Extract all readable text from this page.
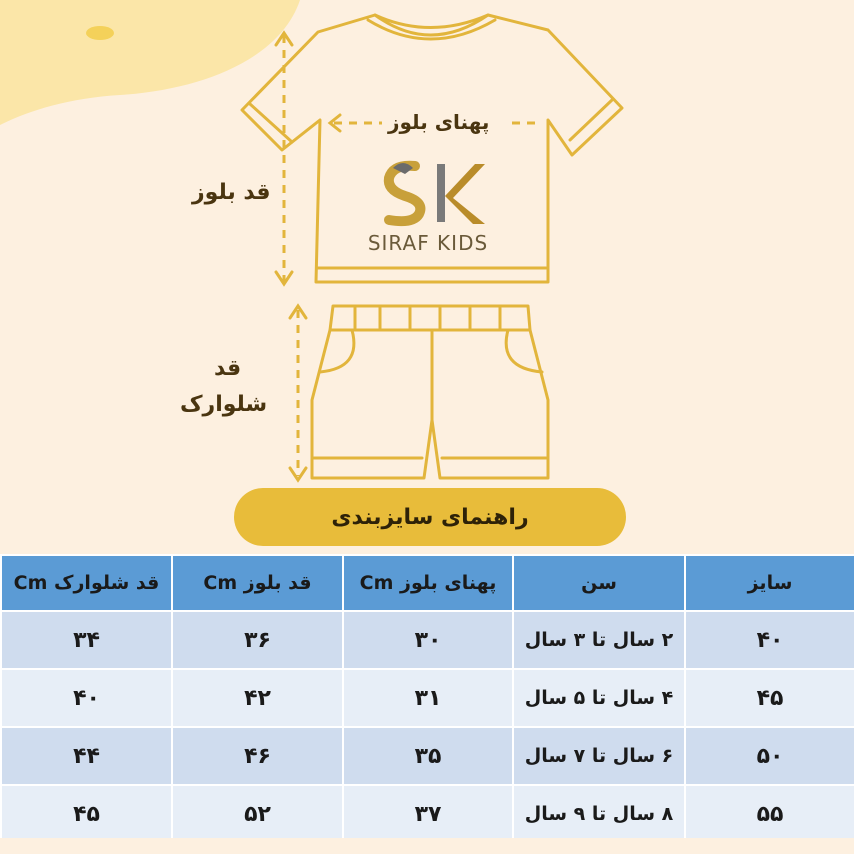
SIRAF KIDS
پهنای بلوز
قد بلوز
قد
شلوارک
راهنمای سایزبندی
سایز	سن	پهنای بلوز Cm	قد بلوز Cm	قد شلوارک Cm
۴۰	۲ سال تا ۳ سال	۳۰	۳۶	۳۴
۴۵	۴ سال تا ۵ سال	۳۱	۴۲	۴۰
۵۰	۶ سال تا ۷ سال	۳۵	۴۶	۴۴
۵۵	۸ سال تا ۹ سال	۳۷	۵۲	۴۵
